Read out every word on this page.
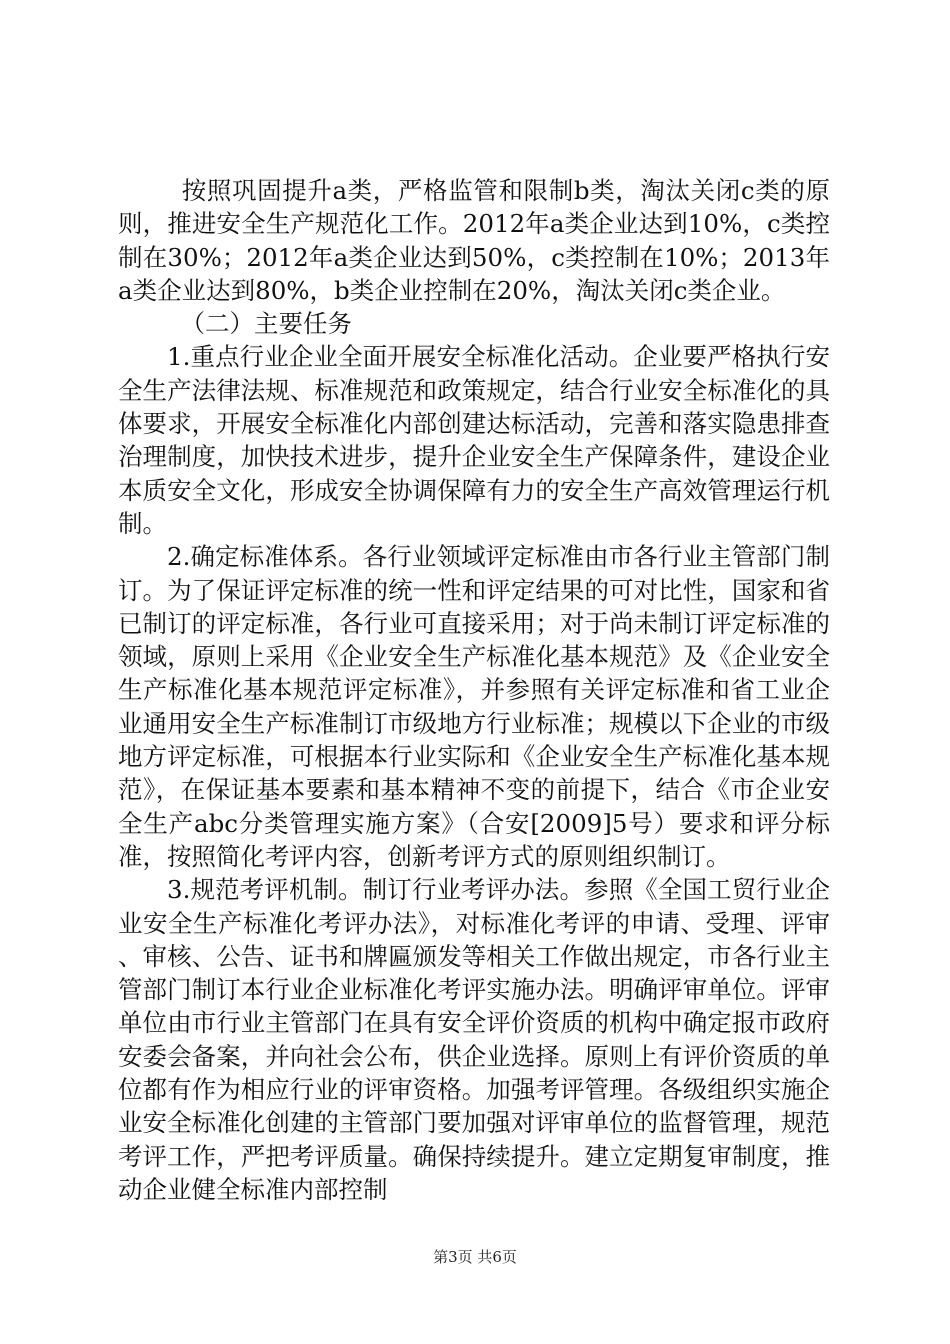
按照巩固提升a类，严格监管和限制b类，淘汰关闭c类的原则，推进安全生产规范化工作。2012年a类企业达到10%，c类控制在30%；2012年a类企业达到50%，c类控制在10%；2013年a类企业达到80%，b类企业控制在20%，淘汰关闭c类企业。

（二）主要任务

1.重点行业企业全面开展安全标准化活动。企业要严格执行安全生产法律法规、标准规范和政策规定，结合行业安全标准化的具体要求，开展安全标准化内部创建达标活动，完善和落实隐患排查治理制度，加快技术进步，提升企业安全生产保障条件，建设企业本质安全文化，形成安全协调保障有力的安全生产高效管理运行机制。

2.确定标准体系。各行业领域评定标准由市各行业主管部门制订。为了保证评定标准的统一性和评定结果的可对比性，国家和省已制订的评定标准，各行业可直接采用；对于尚未制订评定标准的领域，原则上采用《企业安全生产标准化基本规范》及《企业安全生产标准化基本规范评定标准》，并参照有关评定标准和省工业企业通用安全生产标准制订市级地方行业标准；规模以下企业的市级地方评定标准，可根据本行业实际和《企业安全生产标准化基本规范》，在保证基本要素和基本精神不变的前提下，结合《市企业安全生产abc分类管理实施方案》（合安[2009]5号）要求和评分标准，按照简化考评内容，创新考评方式的原则组织制订。

3.规范考评机制。制订行业考评办法。参照《全国工贸行业企业安全生产标准化考评办法》，对标准化考评的申请、受理、评审、审核、公告、证书和牌匾颁发等相关工作做出规定，市各行业主管部门制订本行业企业标准化考评实施办法。明确评审单位。评审单位由市行业主管部门在具有安全评价资质的机构中确定报市政府安委会备案，并向社会公布，供企业选择。原则上有评价资质的单位都有作为相应行业的评审资格。加强考评管理。各级组织实施企业安全标准化创建的主管部门要加强对评审单位的监督管理，规范考评工作，严把考评质量。确保持续提升。建立定期复审制度，推动企业健全标准内部控制

第3页 共6页
